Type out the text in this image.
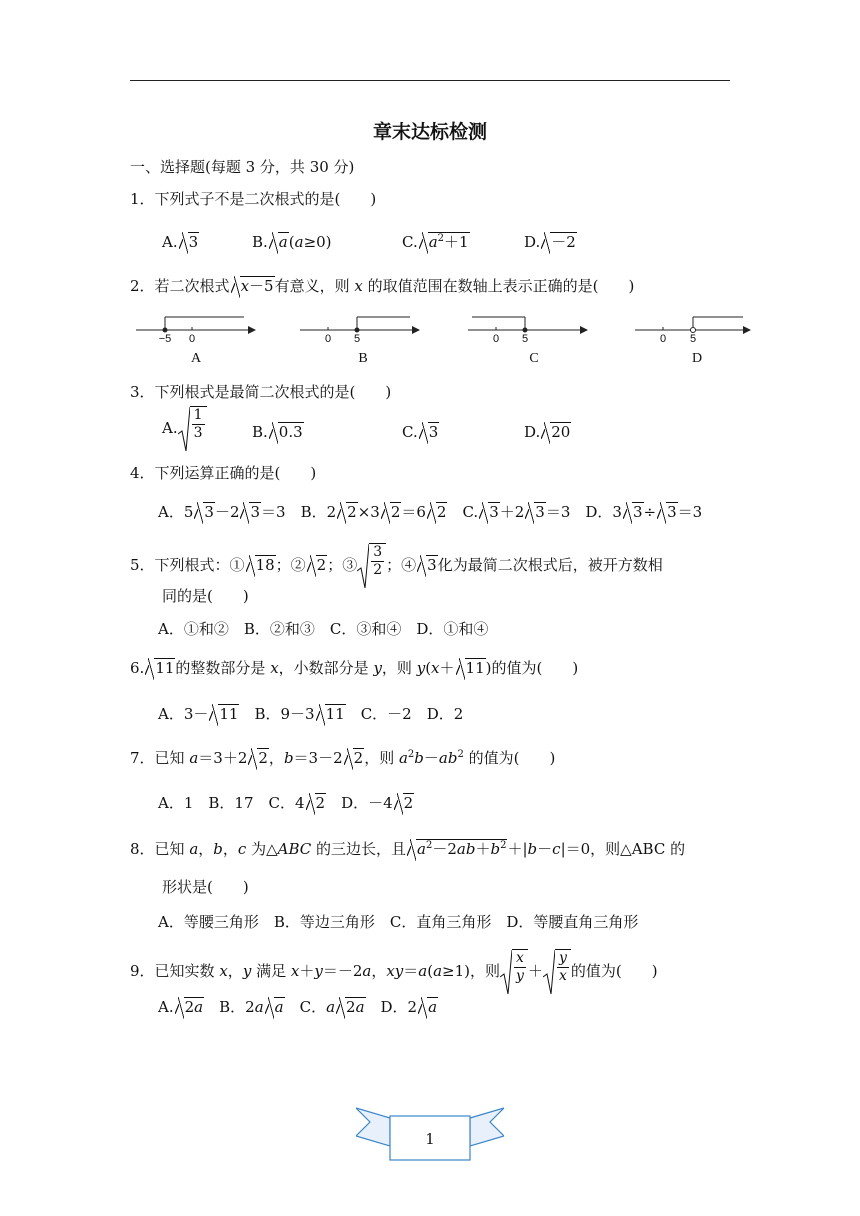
章末达标检测
一、选择题(每题 3 分，共 30 分)
1．下列式子不是二次根式的是(　　)
A. 3	B. a(a≥0)	C. $a^2+1$	D. －2
2．若二次根式 x－5有意义，则 x 的取值范围在数轴上表示正确的是(　　)
−5 0
A
0 5
B
0 5
C
0 5
D
3．下列根式是最简二次根式的是(　　)
A. $\frac{1}{3}$	B. 0.3	C. 3	D. 20
4．下列运算正确的是(　　)
A．5 3－2 3＝3　B．2 2×3 2＝6 2　C. 3＋2 3＝3　D．3 3÷ 3＝3
5．下列根式：① 18；② 2；③ $\frac{3}{2}$ ；④ 3化为最简二次根式后，被开方数相
同的是(　　)
A．①和②　B．②和③　C．③和④　D．①和④
6. 11的整数部分是 x，小数部分是 y，则 y(x＋ 11)的值为(　　)
A．3－ 11　B．9－3 11　C．－2　D．2
7．已知 a＝3＋2 2，b＝3－2 2，则 $a^2b-ab^2$ 的值为(　　)
A．1　B．17　C．4 2　D．－4 2
8．已知 a，b，c 为△ABC 的三边长，且 $a^2-2ab+b^2+|b-c|=0$，则△ABC 的
形状是(　　)
A．等腰三角形　B．等边三角形　C．直角三角形　D．等腰直角三角形
9．已知实数 x，y 满足 x＋y＝－2a，xy＝a(a≥1)，则 $\frac{x}{y} + \frac{y}{x}$ 的值为(　　)
A. 2a　B．2a a　C．a 2a　D．2 a
1
